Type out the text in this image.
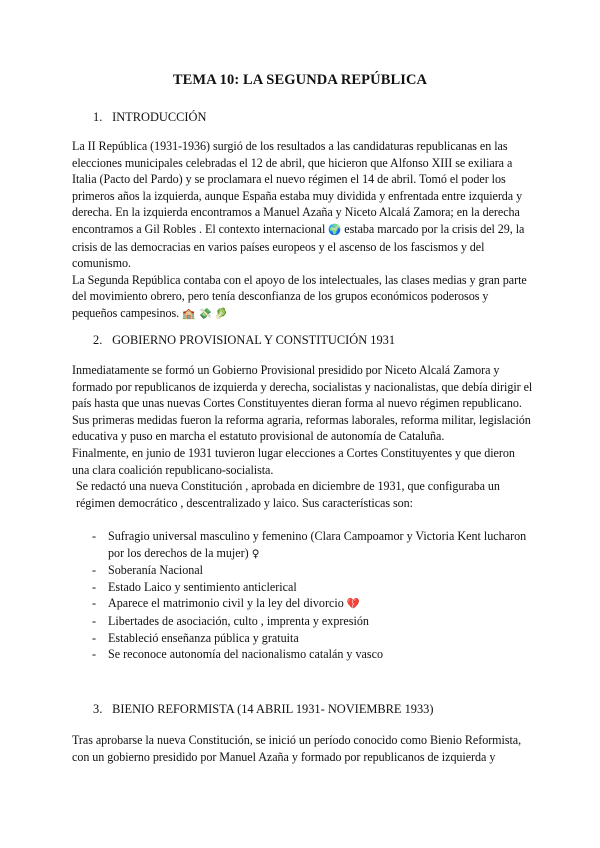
TEMA 10: LA SEGUNDA REPÚBLICA
1. INTRODUCCIÓN

La II República (1931-1936) surgió de los resultados a las candidaturas republicanas en las elecciones municipales celebradas el 12 de abril, que hicieron que Alfonso XIII se exiliara a Italia (Pacto del Pardo) y se proclamara el nuevo régimen el 14 de abril. Tomó el poder los primeros años la izquierda, aunque España estaba muy dividida y enfrentada entre izquierda y derecha. En la izquierda encontramos a Manuel Azaña y Niceto Alcalá Zamora; en la derecha encontramos a Gil Robles . El contexto internacional 🌍 estaba marcado por la crisis del 29, la crisis de las democracias en varios países europeos y el ascenso de los fascismos y del comunismo.

La Segunda República contaba con el apoyo de los intelectuales, las clases medias y gran parte del movimiento obrero, pero tenía desconfianza de los grupos económicos poderosos y pequeños campesinos. 🏫 💸 🥬

2. GOBIERNO PROVISIONAL Y CONSTITUCIÓN 1931

Inmediatamente se formó un Gobierno Provisional presidido por Niceto Alcalá Zamora y formado por republicanos de izquierda y derecha, socialistas y nacionalistas, que debía dirigir el país hasta que unas nuevas Cortes Constituyentes dieran forma al nuevo régimen republicano. Sus primeras medidas fueron la reforma agraria, reformas laborales, reforma militar, legislación educativa y puso en marcha el estatuto provisional de autonomía de Cataluña.

Finalmente, en junio de 1931 tuvieron lugar elecciones a Cortes Constituyentes y que dieron una clara coalición republicano-socialista.

Se redactó una nueva Constitución , aprobada en diciembre de 1931, que configuraba un régimen democrático , descentralizado y laico. Sus características son:

- Sufragio universal masculino y femenino (Clara Campoamor y Victoria Kent lucharon por los derechos de la mujer) ♀
- Soberanía Nacional
- Estado Laico y sentimiento anticlerical
- Aparece el matrimonio civil y la ley del divorcio 💔
- Libertades de asociación, culto , imprenta y expresión
- Estableció enseñanza pública y gratuita
- Se reconoce autonomía del nacionalismo catalán y vasco
3. BIENIO REFORMISTA (14 ABRIL 1931- NOVIEMBRE 1933)

Tras aprobarse la nueva Constitución, se inició un período conocido como Bienio Reformista, con un gobierno presidido por Manuel Azaña y formado por republicanos de izquierda y
